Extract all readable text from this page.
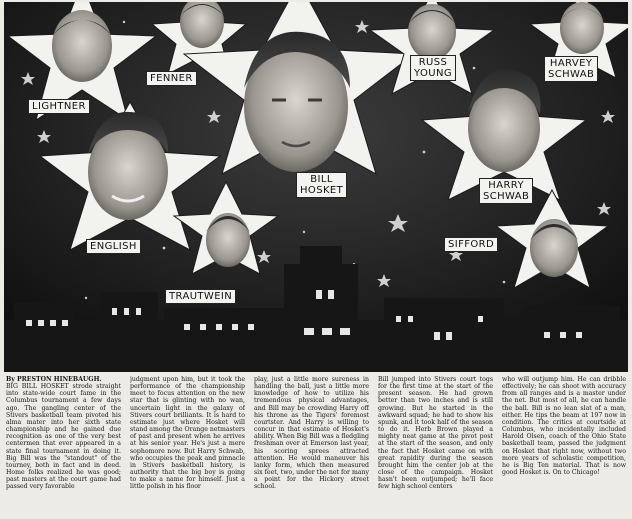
LIGHTNER
FENNER
RUSS
YOUNG
HARVEY
SCHWAB
BILL
HOSKET	HARRY
SCHWAB
ENGLISH
TRAUTWEIN
SIFFORD

By PRESTON HINEBAUGH.

BIG BILL HOSKET strode straight into state-wide court fame in the Columbus tournament a few days ago. The gangling center of the Stivers basketball team pivoted his alma mater into her sixth state championship and he gained due recognition as one of the very best centermen that ever appeared in a state final tournament in doing it. Big Bill was the "standout" of the tourney, both in fact and in deed. Home folks realized he was good; past masters at the court game had passed very favorable

judgment upon him, but it took the performance of the championship meet to focus attention on the new star that is glinting with no wan, uncertain light in the galaxy of Stivers court brilliants. It is hard to estimate just where Hosket will stand among the Orange netmasters of past and present when he arrives at his senior year. He's just a mere sophomore now. But Harry Schwab, who occupies the peak and pinnacle in Stivers basketball history, is authority that the big boy is going to make a name for himself. Just a little polish in his floor

play, just a little more sureness in handling the ball, just a little more knowledge of how to utilize his tremendous physical advantages, and Bill may be crowding Harry off his throne as the Tigers' foremost courtster. And Harry is willing to concur in that estimate of Hosket's ability. When Big Bill was a fledgling freshman over at Emerson last year, his scoring sprees attracted attention. He would maneuver his lanky form, which then measured six feet, two, under the net for many a point for the Hickory street school.

Bill jumped into Stivers court togs for the first time at the start of the present season. He had grown better than two inches and is still growing. But he started in the awkward squad; he had to show his spunk, and it took half of the season to do it. Herb Brown played a mighty neat game at the pivot post at the start of the season, and only the fact that Hosket came on with great rapidity during the season brought him the center job at the close of the campaign. Hosket hasn't been outjumped; he'll face few high school centers

who will outjump him. He can dribble effectively; he can shoot with accuracy from all ranges and is a master under the net. But most of all, he can handle the ball. Bill is no lean slat of a man, either. He tips the beam at 197 now in condition. The critics at courtside at Columbus, who incidentally included Harold Olsen, coach of the Ohio State basketball team, passed the judgment on Hosket that right now, without two more years of scholastic competition, he is Big Ten material. That is now good Hosket is. On to Chicago!
